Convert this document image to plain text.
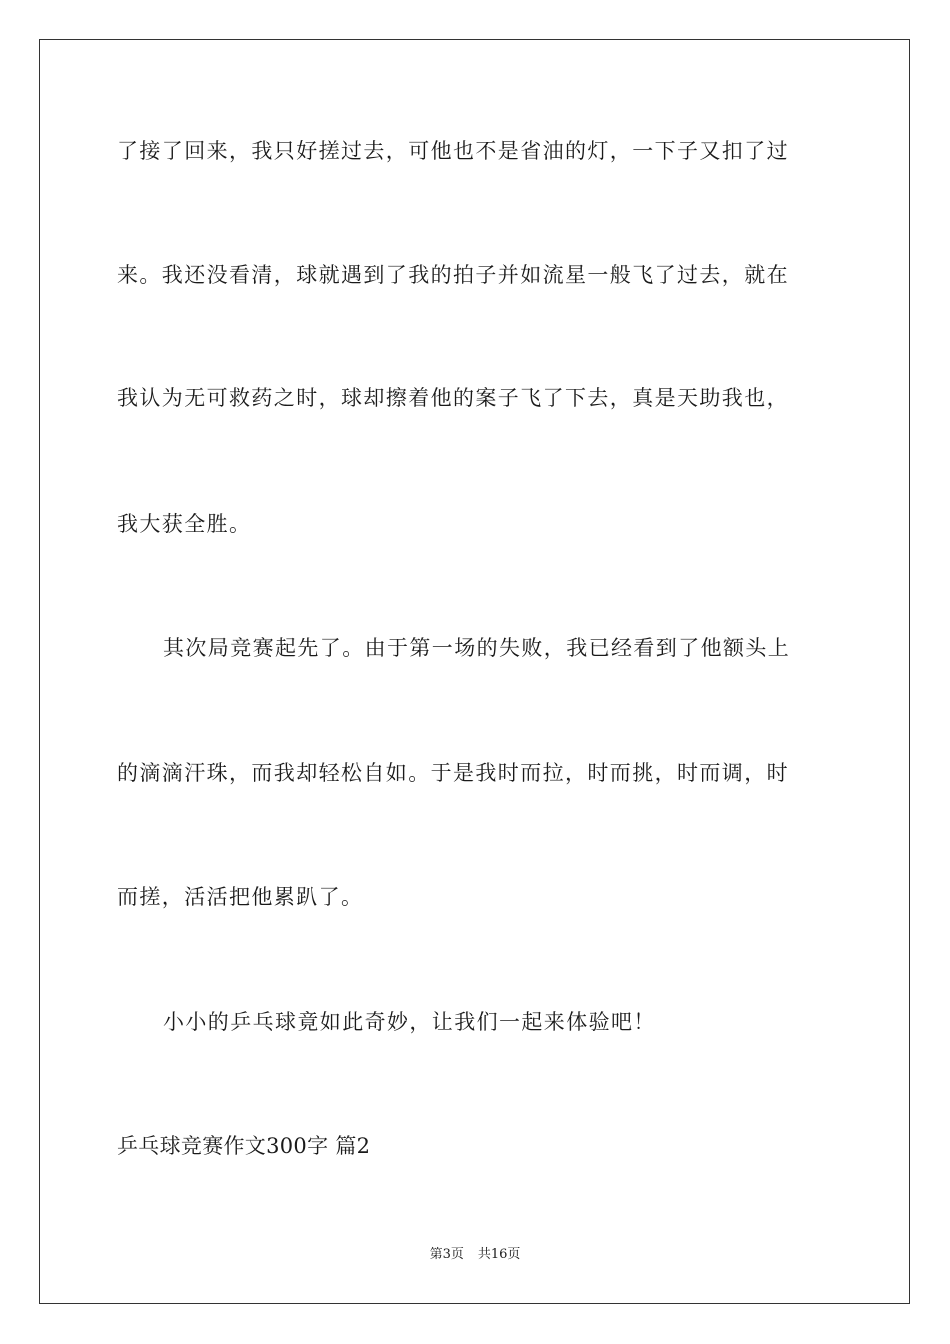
了接了回来，我只好搓过去，可他也不是省油的灯，一下子又扣了过
来。我还没看清，球就遇到了我的拍子并如流星一般飞了过去，就在
我认为无可救药之时，球却擦着他的案子飞了下去，真是天助我也，
我大获全胜。
其次局竞赛起先了。由于第一场的失败，我已经看到了他额头上
的滴滴汗珠，而我却轻松自如。于是我时而拉，时而挑，时而调，时
而搓，活活把他累趴了。
小小的乒乓球竟如此奇妙，让我们一起来体验吧！
乒乓球竞赛作文300字 篇2
第3页 共16页
